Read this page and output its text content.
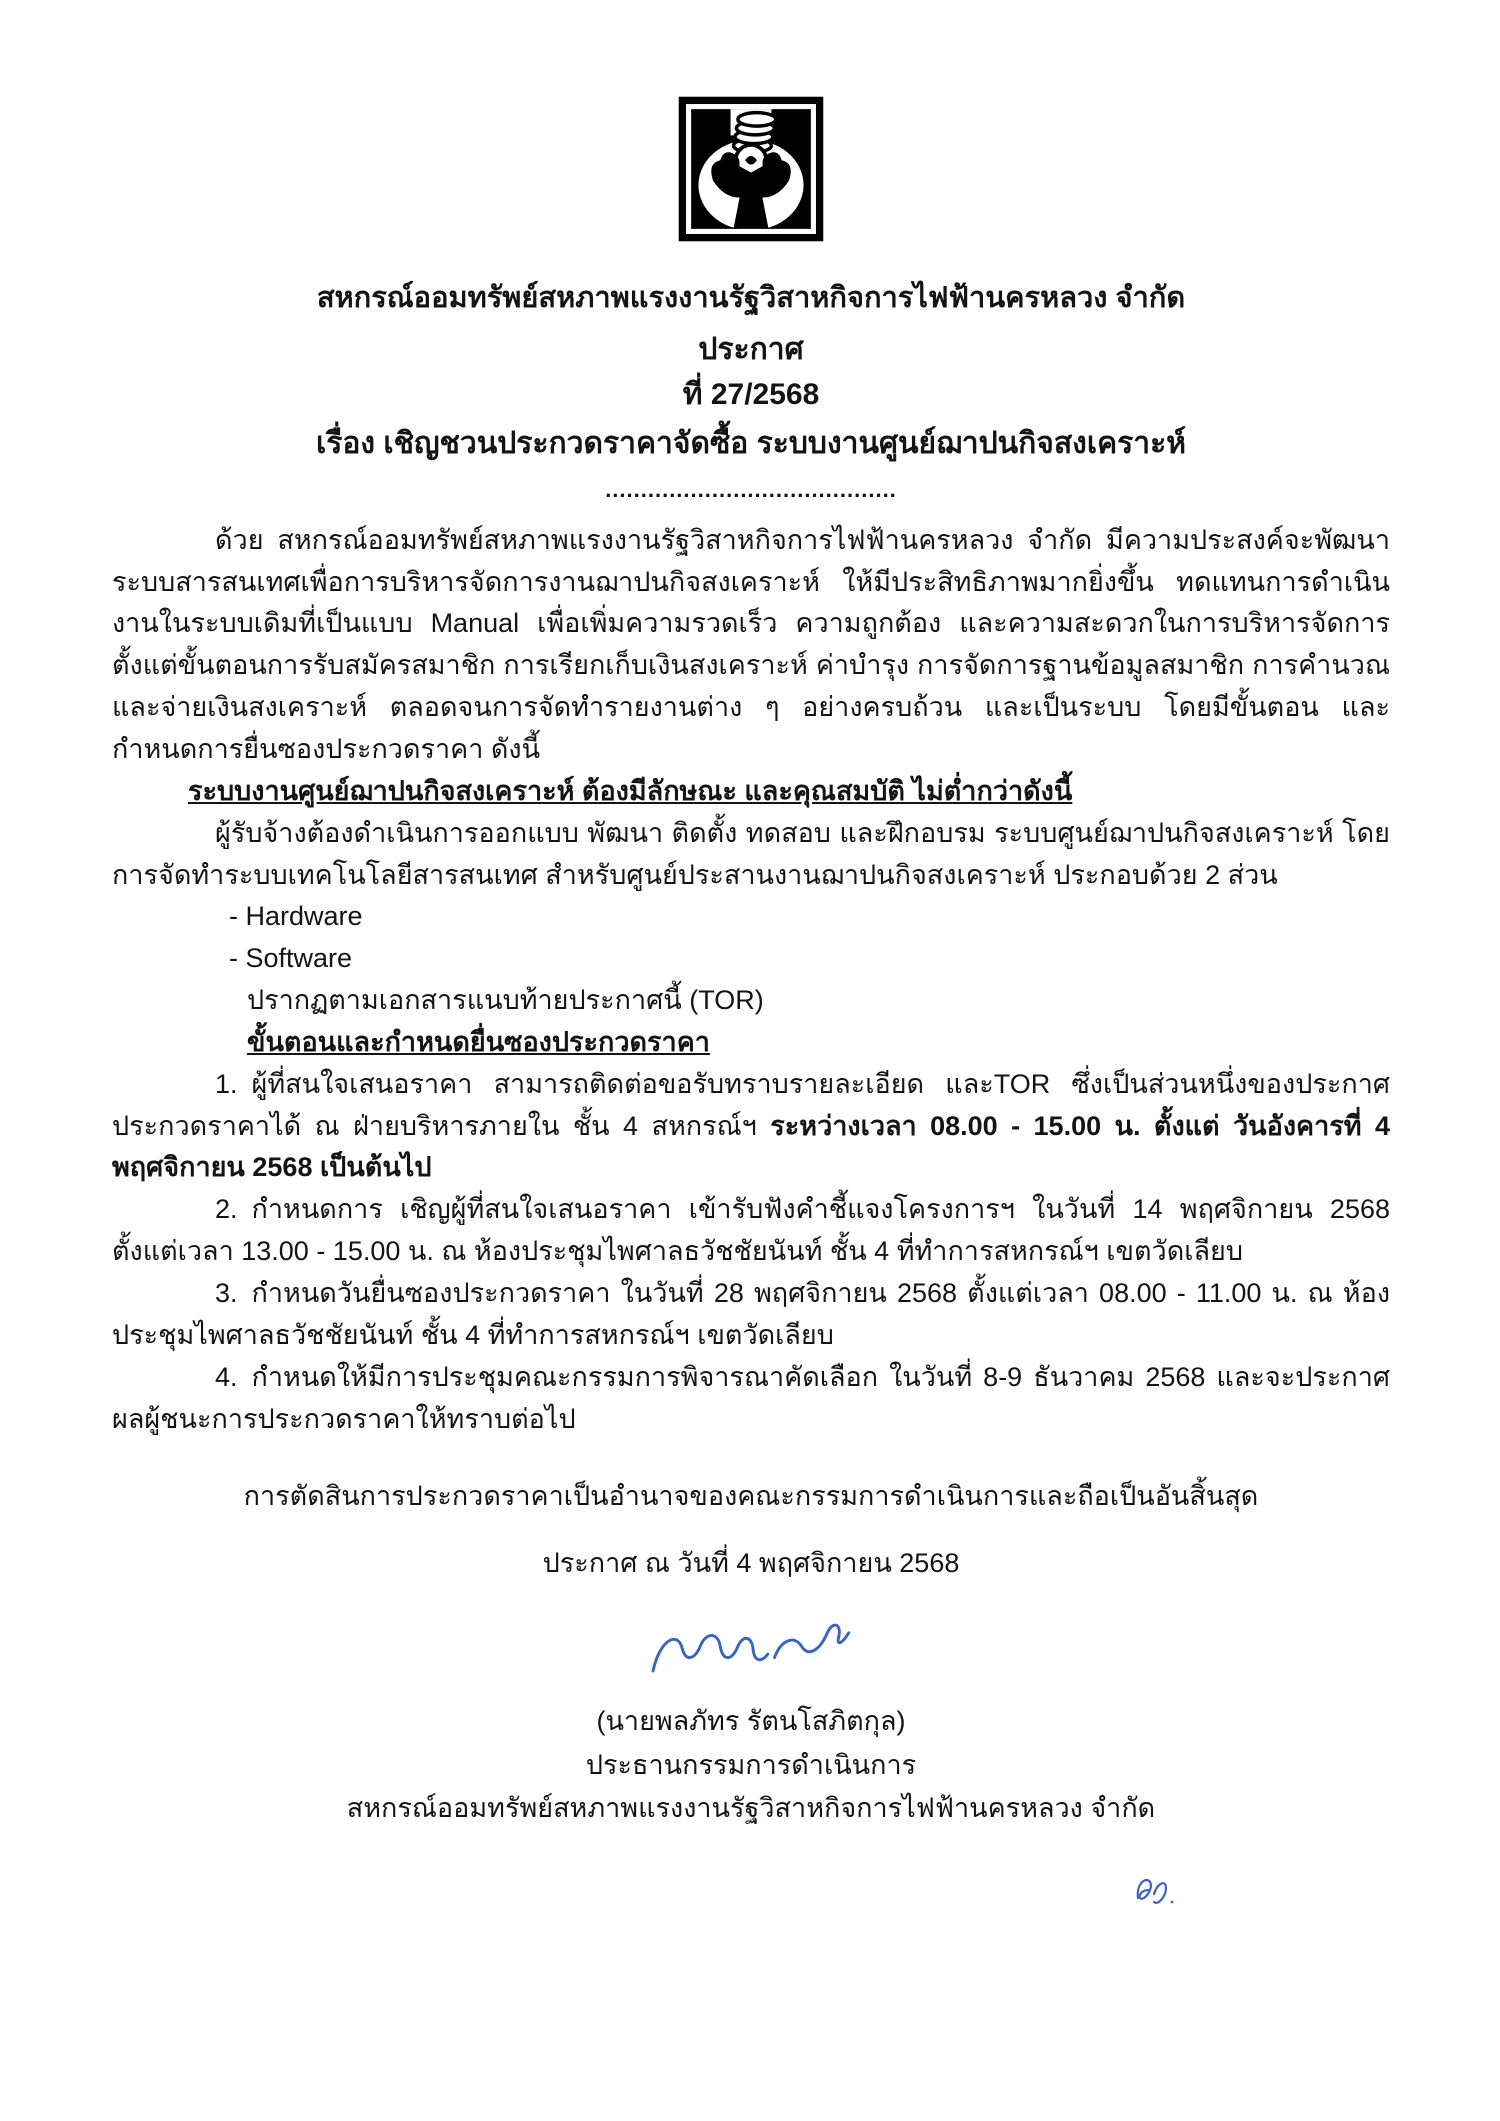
สหกรณ์ออมทรัพย์สหภาพแรงงานรัฐวิสาหกิจการไฟฟ้านครหลวง จำกัด
ประกาศ
ที่ 27/2568
เรื่อง เชิญชวนประกวดราคาจัดซื้อ ระบบงานศูนย์ฌาปนกิจสงเคราะห์
.........................................

ด้วย สหกรณ์ออมทรัพย์สหภาพแรงงานรัฐวิสาหกิจการไฟฟ้านครหลวง จำกัด มีความประสงค์จะพัฒนาระบบสารสนเทศเพื่อการบริหารจัดการงานฌาปนกิจสงเคราะห์ ให้มีประสิทธิภาพมากยิ่งขึ้น ทดแทนการดำเนินงานในระบบเดิมที่เป็นแบบ Manual เพื่อเพิ่มความรวดเร็ว ความถูกต้อง และความสะดวกในการบริหารจัดการ ตั้งแต่ขั้นตอนการรับสมัครสมาชิก การเรียกเก็บเงินสงเคราะห์ ค่าบำรุง การจัดการฐานข้อมูลสมาชิก การคำนวณ และจ่ายเงินสงเคราะห์ ตลอดจนการจัดทำรายงานต่าง ๆ อย่างครบถ้วน และเป็นระบบ โดยมีขั้นตอน และกำหนดการยื่นซองประกวดราคา ดังนี้

ระบบงานศูนย์ฌาปนกิจสงเคราะห์ ต้องมีลักษณะ และคุณสมบัติ ไม่ต่ำกว่าดังนี้

ผู้รับจ้างต้องดำเนินการออกแบบ พัฒนา ติดตั้ง ทดสอบ และฝึกอบรม ระบบศูนย์ฌาปนกิจสงเคราะห์ โดยการจัดทำระบบเทคโนโลยีสารสนเทศ สำหรับศูนย์ประสานงานฌาปนกิจสงเคราะห์ ประกอบด้วย 2 ส่วน

- Hardware

- Software

ปรากฏตามเอกสารแนบท้ายประกาศนี้ (TOR)

ขั้นตอนและกำหนดยื่นซองประกวดราคา

1. ผู้ที่สนใจเสนอราคา สามารถติดต่อขอรับทราบรายละเอียด และTOR ซึ่งเป็นส่วนหนึ่งของประกาศประกวดราคาได้ ณ ฝ่ายบริหารภายใน ชั้น 4 สหกรณ์ฯ ระหว่างเวลา 08.00 - 15.00 น. ตั้งแต่ วันอังคารที่ 4 พฤศจิกายน 2568 เป็นต้นไป

2. กำหนดการ เชิญผู้ที่สนใจเสนอราคา เข้ารับฟังคำชี้แจงโครงการฯ ในวันที่ 14 พฤศจิกายน 2568 ตั้งแต่เวลา 13.00 - 15.00 น. ณ ห้องประชุมไพศาลธวัชชัยนันท์ ชั้น 4 ที่ทำการสหกรณ์ฯ เขตวัดเลียบ

3. กำหนดวันยื่นซองประกวดราคา ในวันที่ 28 พฤศจิกายน 2568 ตั้งแต่เวลา 08.00 - 11.00 น. ณ ห้องประชุมไพศาลธวัชชัยนันท์ ชั้น 4 ที่ทำการสหกรณ์ฯ เขตวัดเลียบ

4. กำหนดให้มีการประชุมคณะกรรมการพิจารณาคัดเลือก ในวันที่ 8-9 ธันวาคม 2568 และจะประกาศผลผู้ชนะการประกวดราคาให้ทราบต่อไป

การตัดสินการประกวดราคาเป็นอำนาจของคณะกรรมการดำเนินการและถือเป็นอันสิ้นสุด
ประกาศ ณ วันที่ 4 พฤศจิกายน 2568
(นายพลภัทร รัตนโสภิตกุล)
ประธานกรรมการดำเนินการ
สหกรณ์ออมทรัพย์สหภาพแรงงานรัฐวิสาหกิจการไฟฟ้านครหลวง จำกัด
